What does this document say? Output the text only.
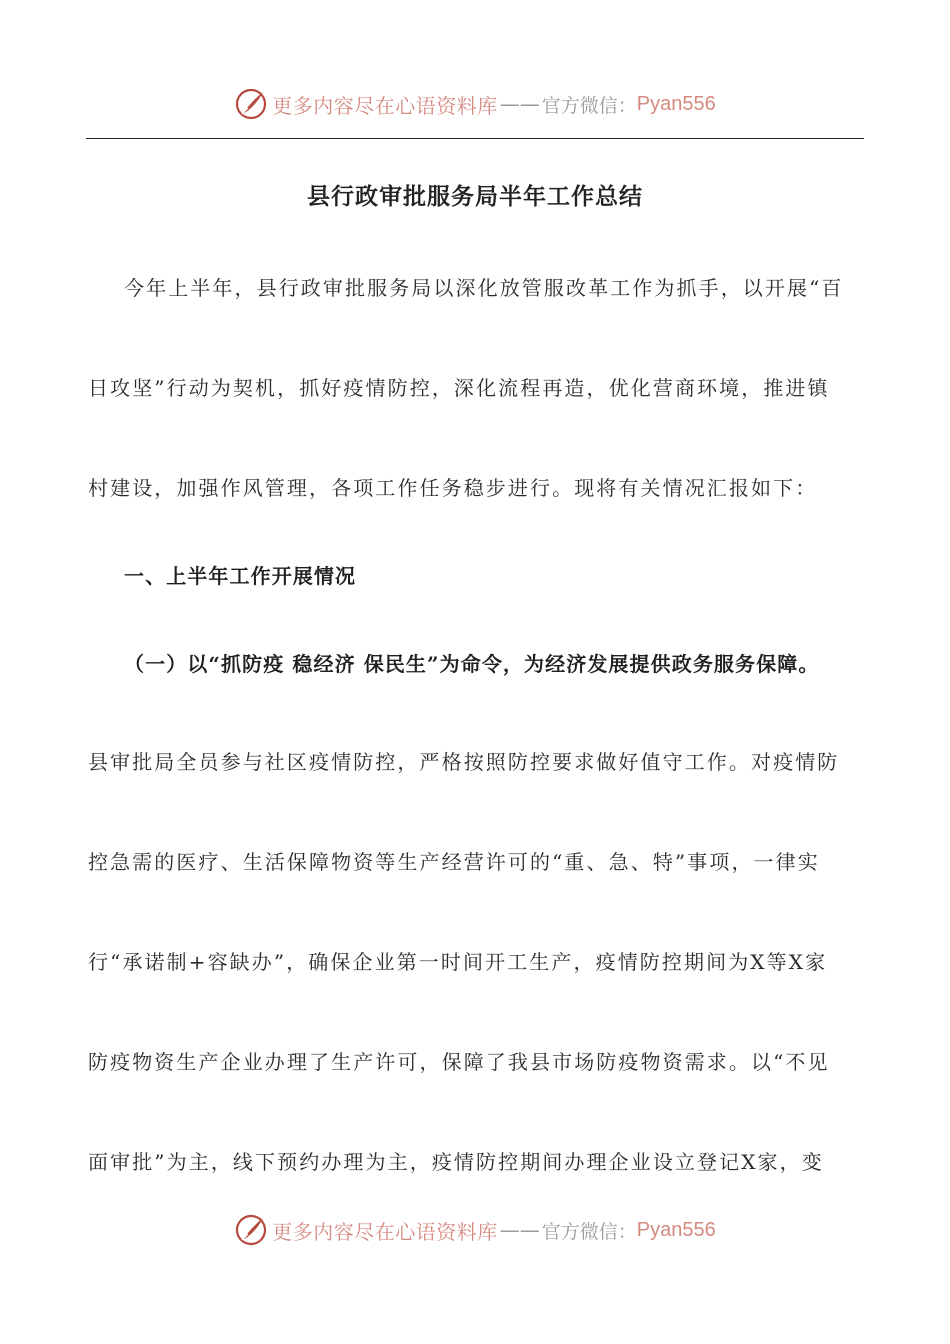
更多内容尽在心语资料库 —— 官方微信： Pyan556
县行政审批服务局半年工作总结
今年上半年，县行政审批服务局以深化放管服改革工作为抓手，以开展“百
日攻坚”行动为契机，抓好疫情防控，深化流程再造，优化营商环境，推进镇
村建设，加强作风管理，各项工作任务稳步进行。现将有关情况汇报如下：
一、上半年工作开展情况
（一）以“抓防疫 稳经济 保民生”为命令，为经济发展提供政务服务保障。
县审批局全员参与社区疫情防控，严格按照防控要求做好值守工作。对疫情防
控急需的医疗、生活保障物资等生产经营许可的“重、急、特”事项，一律实
行“承诺制+容缺办”，确保企业第一时间开工生产，疫情防控期间为X等X家
防疫物资生产企业办理了生产许可，保障了我县市场防疫物资需求。以“不见
面审批”为主，线下预约办理为主，疫情防控期间办理企业设立登记X家，变
更多内容尽在心语资料库 —— 官方微信： Pyan556
